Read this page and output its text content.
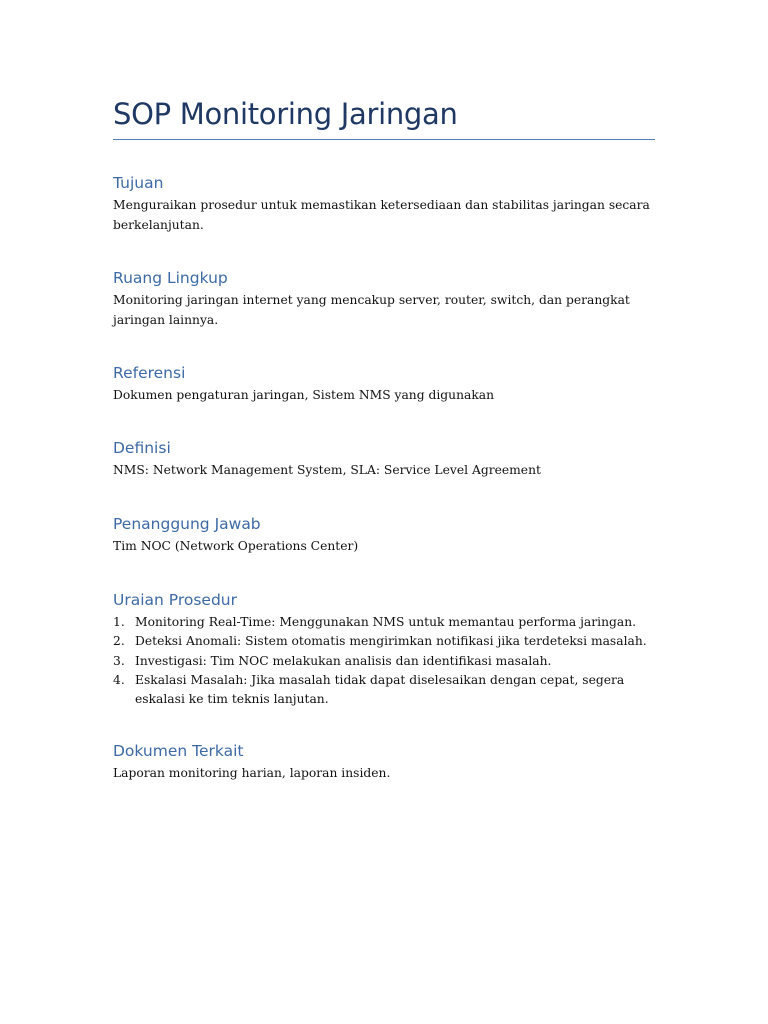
SOP Monitoring Jaringan
Tujuan

Menguraikan prosedur untuk memastikan ketersediaan dan stabilitas jaringan secara berkelanjutan.

Ruang Lingkup

Monitoring jaringan internet yang mencakup server, router, switch, dan perangkat jaringan lainnya.

Referensi

Dokumen pengaturan jaringan, Sistem NMS yang digunakan

Definisi

NMS: Network Management System, SLA: Service Level Agreement

Penanggung Jawab

Tim NOC (Network Operations Center)

Uraian Prosedur
1. Monitoring Real-Time: Menggunakan NMS untuk memantau performa jaringan.
2. Deteksi Anomali: Sistem otomatis mengirimkan notifikasi jika terdeteksi masalah.
3. Investigasi: Tim NOC melakukan analisis dan identifikasi masalah.
4. Eskalasi Masalah: Jika masalah tidak dapat diselesaikan dengan cepat, segera eskalasi ke tim teknis lanjutan.
Dokumen Terkait

Laporan monitoring harian, laporan insiden.
